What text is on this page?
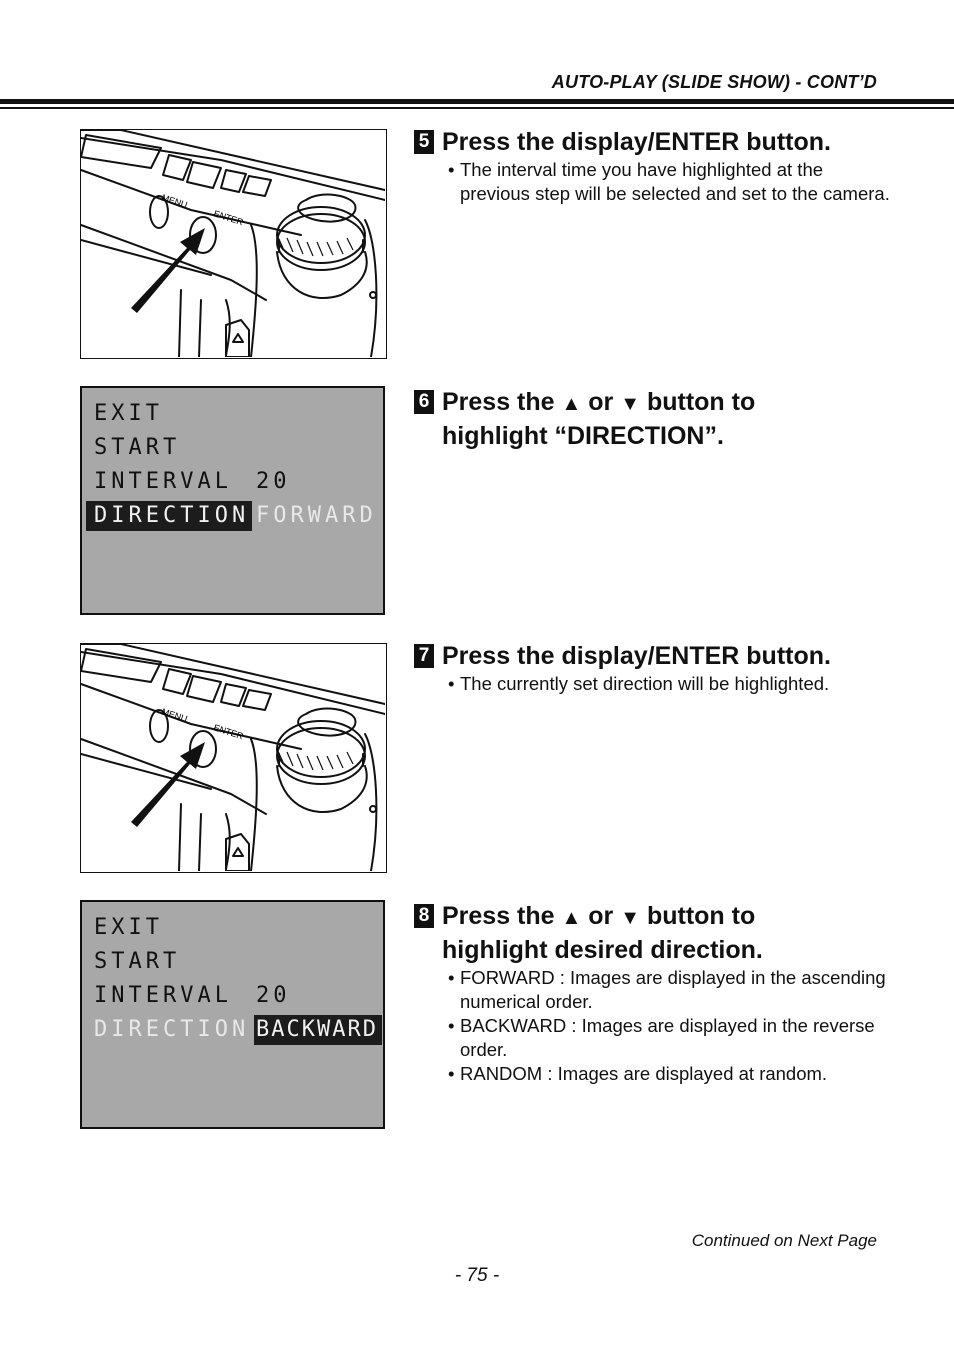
AUTO-PLAY (SLIDE SHOW) - CONT’D
MENU
ENTER
5 Press the display/ENTER button.
• The interval time you have highlighted at the previous step will be selected and set to the camera.
EXIT
START
INTERVAL 20
DIRECTION FORWARD
6 Press the ▲ or ▼ button to
highlight “DIRECTION”.
MENU
ENTER
7 Press the display/ENTER button.
• The currently set direction will be highlighted.
EXIT
START
INTERVAL 20
DIRECTION BACKWARD
8 Press the ▲ or ▼ button to
highlight desired direction.
• FORWARD : Images are displayed in the ascending numerical order.
• BACKWARD : Images are displayed in the reverse order.
• RANDOM : Images are displayed at random.
Continued on Next Page
- 75 -
